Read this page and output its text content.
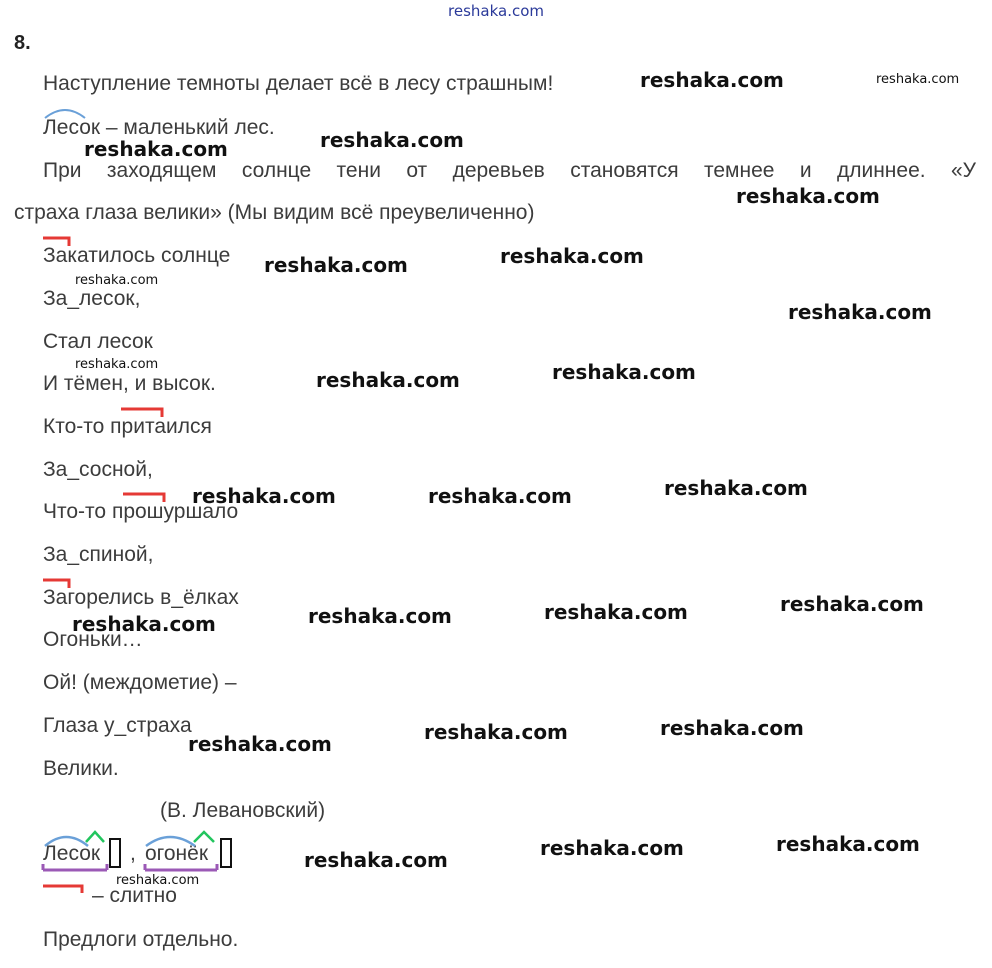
reshaka.com
8.
Наступление темноты делает всё в лесу страшным!
Лесок – маленький лес.
При заходящем солнце тени от деревьев становятся темнее и длиннее. «У
страха глаза велики» (Мы видим всё преувеличенно)
Закатилось солнце
За_лесок,
Стал лесок
И тёмен, и высок.
Кто-то притаился
За_сосной,
Что-то прошуршало
За_спиной,
Загорелись в_ёлках
Огоньки…
Ой! (междометие) –
Глаза у_страха
Велики.
(В. Левановский)
Лесок , огонёк
– слитно
Предлоги отдельно.
reshaka.com	reshaka.com
reshaka.com
reshaka.com
reshaka.com
reshaka.com	reshaka.com
reshaka.com
reshaka.com
reshaka.com
reshaka.com	reshaka.com
reshaka.com	reshaka.com	reshaka.com
reshaka.com	reshaka.com	reshaka.com
reshaka.com
reshaka.com	reshaka.com	reshaka.com
reshaka.com	reshaka.com	reshaka.com
reshaka.com
